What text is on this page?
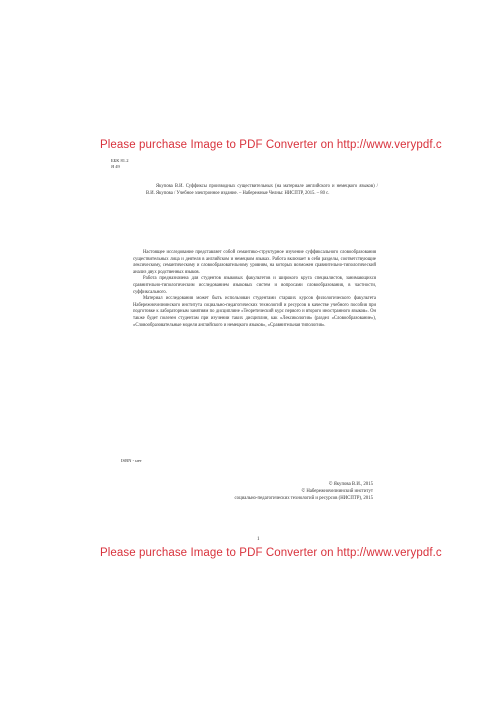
Please purchase Image to PDF Converter on http://www.verypdf.c
ББК 81.2
Я 49
Якупова В.И. Суффиксы производных существительных (на материале английского и немецкого языков) / В.И. Якупова / Учебное электронное издание. – Набережные Челны: НИСПТР, 2015. – 80 с.

Настоящее исследование представляет собой семантико-структурное изучение суффиксального словообразования существительных лица и деятеля в английском и немецком языках. Работа включает в себя разделы, соответствующие лексическому, семантическому и словообразовательному уровням, на которых возможен сравнительно-типологический анализ двух родственных языков.

Работа предназначена для студентов языковых факультетов и широкого круга специалистов, занимающихся сравнительно-типологическим исследованием языковых систем и вопросами словообразования, в частности, суффиксального.

Материал исследования может быть использован студентами старших курсов филологического факультета Набережночелнинского института социально-педагогических технологий и ресурсов в качестве учебного пособия при подготовке к лабораторным занятиям по дисциплине «Теоретический курс первого и второго иностранного языков». Он также будет полезен студентам при изучении таких дисциплин, как «Лексикология» (раздел «Словообразование»), «Словообразовательные модели английского и немецкого языков», «Сравнительная типология».

ISBN - нет
© Якупова В.И., 2015
© Набережночелнинский институт
социально-педагогических технологий и ресурсов (НИСПТР), 2015
1
Please purchase Image to PDF Converter on http://www.verypdf.c
